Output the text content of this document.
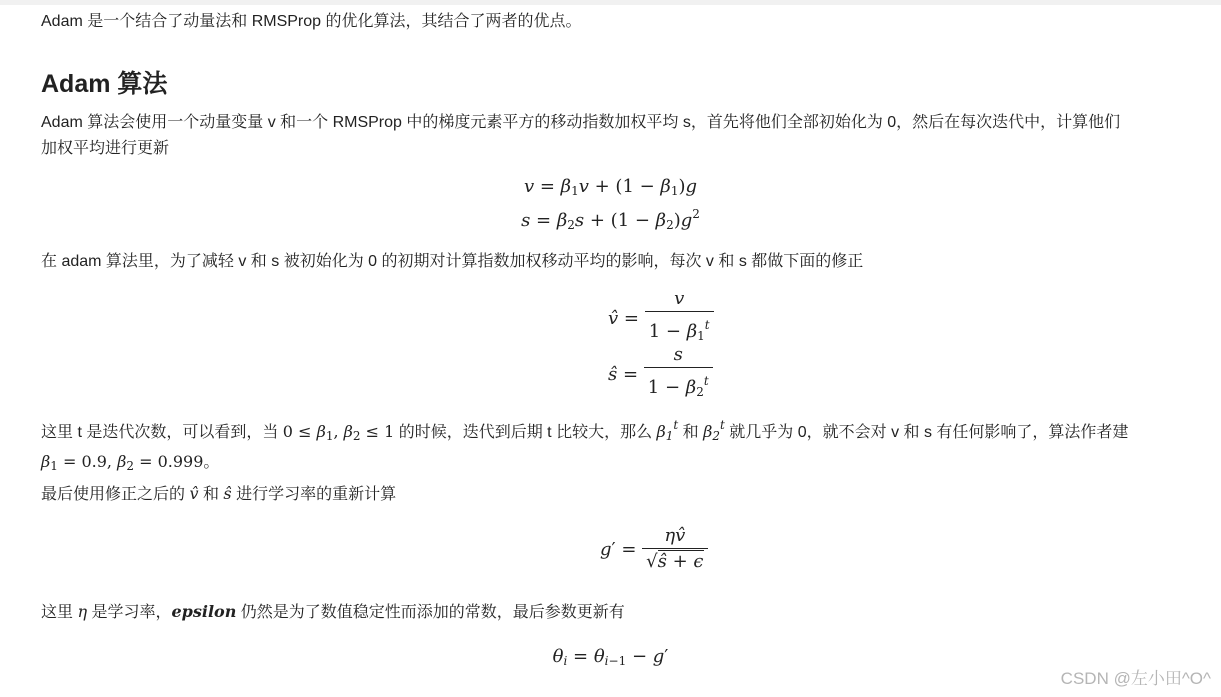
Adam 是一个结合了动量法和 RMSProp 的优化算法，其结合了两者的优点。
Adam 算法
Adam 算法会使用一个动量变量 v 和一个 RMSProp 中的梯度元素平方的移动指数加权平均 s，首先将他们全部初始化为 0，然后在每次迭代中，计算他们
加权平均进行更新
在 adam 算法里，为了减轻 v 和 s 被初始化为 0 的初期对计算指数加权移动平均的影响，每次 v 和 s 都做下面的修正
这里 t 是迭代次数，可以看到，当 $0 \le \beta_1$, $\beta_2 \le 1$ 的时候，迭代到后期 t 比较大，那么 $\beta_1^t$ 和 $\beta_2^t$ 就几乎为 0，就不会对 v 和 s 有任何影响了，算法作者建
$\beta_1 = 0.9$, $\beta_2 = 0.999$。
最后使用修正之后的 v̂ 和 ŝ 进行学习率的重新计算
这里 η 是学习率，epsilon 仍然是为了数值稳定性而添加的常数，最后参数更新有
$v = \beta_1v + (1 - \beta_1)g$
$s = \beta_2s + (1 - \beta_2)g^2$
v̂ = $\frac{v}{1 - \beta_1^t}$
ŝ = $\frac{s}{1 - \beta_2^t}$
$g' = \frac{\eta v̂}{√ŝ + \epsilon}$
$\theta_i = \theta_{i-1} - g'$
CSDN @左小田^O^
